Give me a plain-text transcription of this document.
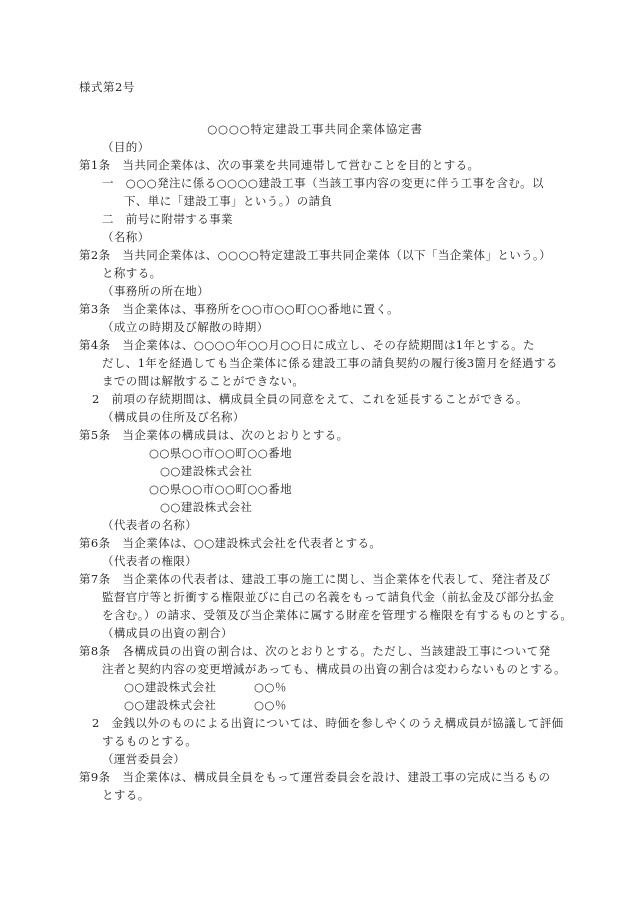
様式第2号
○○○○特定建設工事共同企業体協定書
（目的）
第1条　当共同企業体は、次の事業を共同連帯して営むことを目的とする。
一　○○○発注に係る○○○○建設工事（当該工事内容の変更に伴う工事を含む。以
下、単に「建設工事」という。）の請負
二　前号に附帯する事業
（名称）
第2条　当共同企業体は、○○○○特定建設工事共同企業体（以下「当企業体」という。）
と称する。
（事務所の所在地）
第3条　当企業体は、事務所を○○市○○町○○番地に置く。
（成立の時期及び解散の時期）
第4条　当企業体は、○○○○年○○月○○日に成立し、その存続期間は1年とする。た
だし、1年を経過しても当企業体に係る建設工事の請負契約の履行後3箇月を経過する
までの間は解散することができない。
2　前項の存続期間は、構成員全員の同意をえて、これを延長することができる。
（構成員の住所及び名称）
第5条　当企業体の構成員は、次のとおりとする。
○○県○○市○○町○○番地
○○建設株式会社
○○県○○市○○町○○番地
○○建設株式会社
（代表者の名称）
第6条　当企業体は、○○建設株式会社を代表者とする。
（代表者の権限）
第7条　当企業体の代表者は、建設工事の施工に関し、当企業体を代表して、発注者及び
監督官庁等と折衝する権限並びに自己の名義をもって請負代金（前払金及び部分払金
を含む。）の請求、受領及び当企業体に属する財産を管理する権限を有するものとする。
（構成員の出資の割合）
第8条　各構成員の出資の割合は、次のとおりとする。ただし、当該建設工事について発
注者と契約内容の変更増減があっても、構成員の出資の割合は変わらないものとする。
○○建設株式会社	○○％
○○建設株式会社	○○％
2　金銭以外のものによる出資については、時価を参しやくのうえ構成員が協議して評価
するものとする。
（運営委員会）
第9条　当企業体は、構成員全員をもって運営委員会を設け、建設工事の完成に当るもの
とする。
